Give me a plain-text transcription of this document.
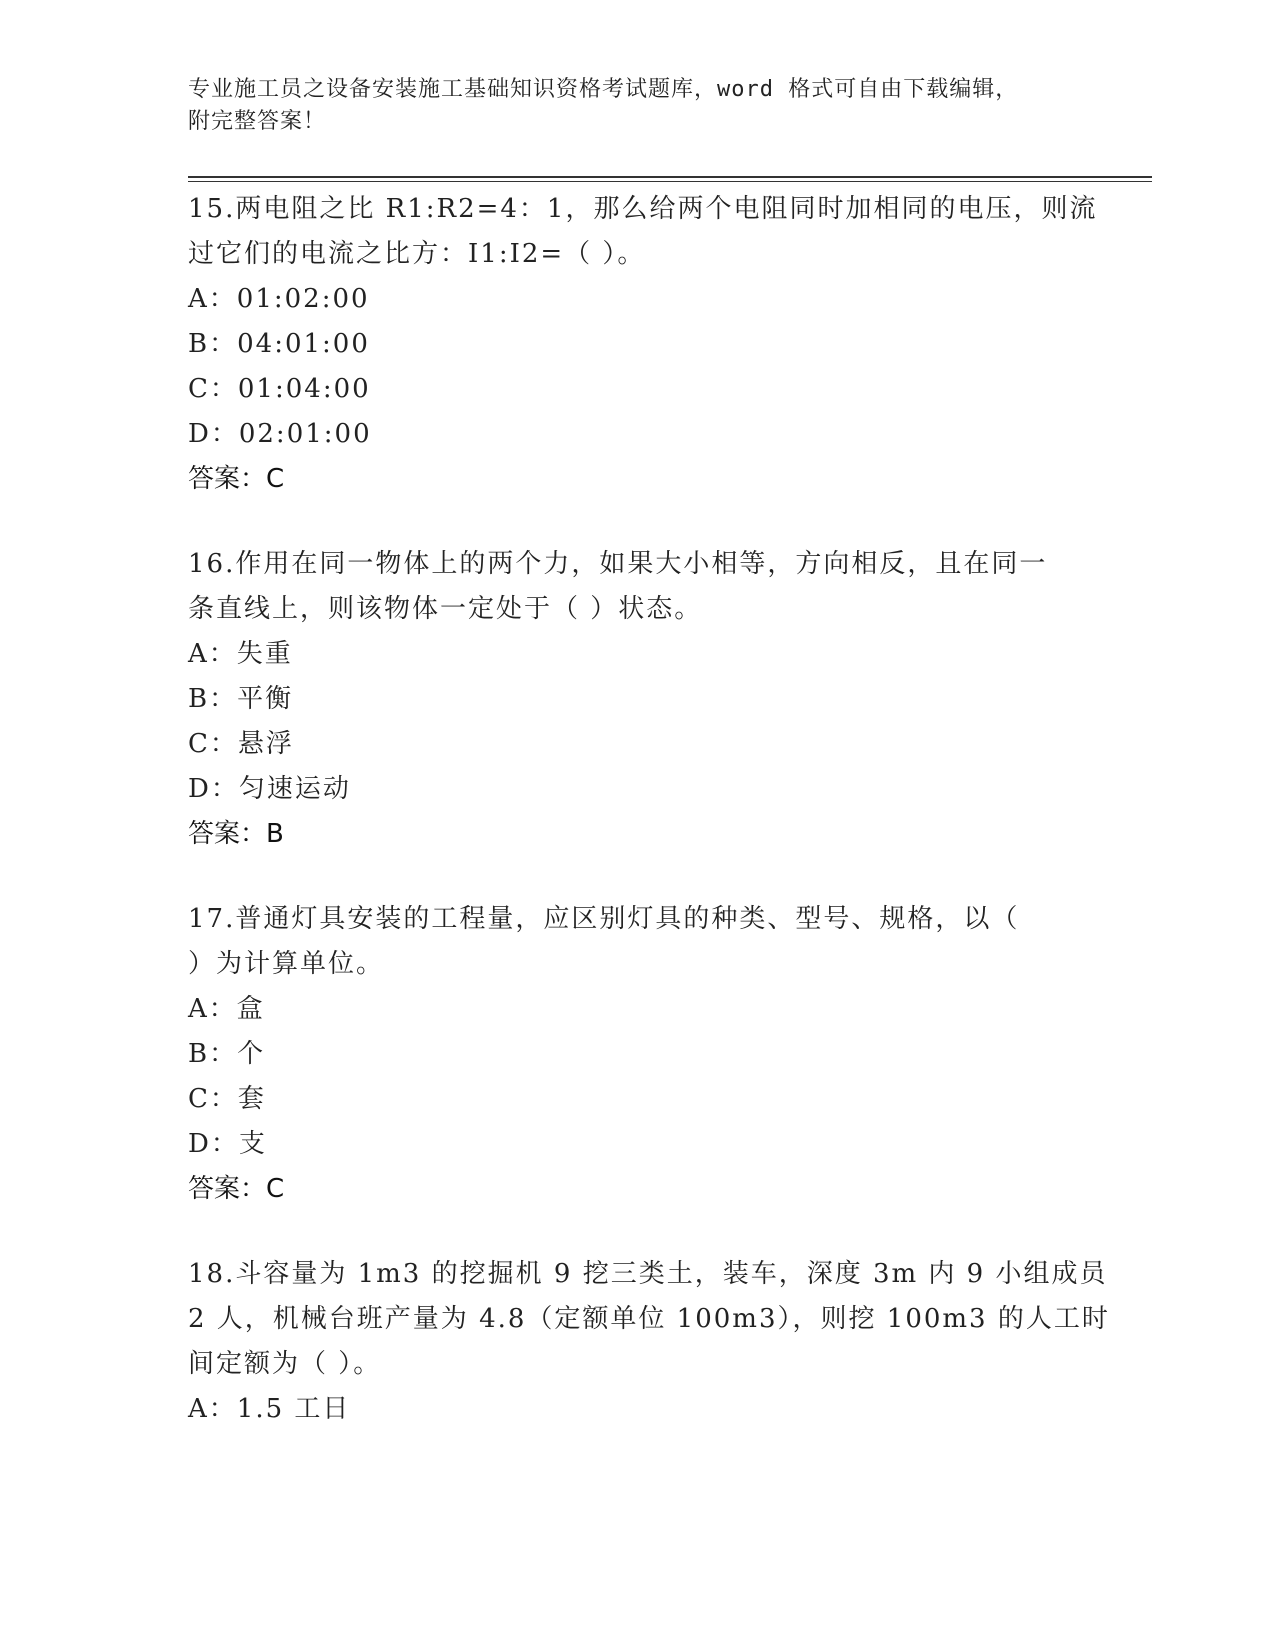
专业施工员之设备安装施工基础知识资格考试题库，word 格式可自由下载编辑，
附完整答案！
15.两电阻之比 R1:R2=4：1，那么给两个电阻同时加相同的电压，则流
过它们的电流之比方：I1:I2=（ ）。
A：01:02:00
B：04:01:00
C：01:04:00
D：02:01:00
答案：C
16.作用在同一物体上的两个力，如果大小相等，方向相反，且在同一
条直线上，则该物体一定处于（ ）状态。
A：失重
B：平衡
C：悬浮
D：匀速运动
答案：B
17.普通灯具安装的工程量，应区别灯具的种类、型号、规格，以（
）为计算单位。
A：盒
B：个
C：套
D：支
答案：C
18.斗容量为 1m3 的挖掘机 9 挖三类土，装车，深度 3m 内 9 小组成员
2 人，机械台班产量为 4.8（定额单位 100m3），则挖 100m3 的人工时
间定额为（ ）。
A：1.5 工日
